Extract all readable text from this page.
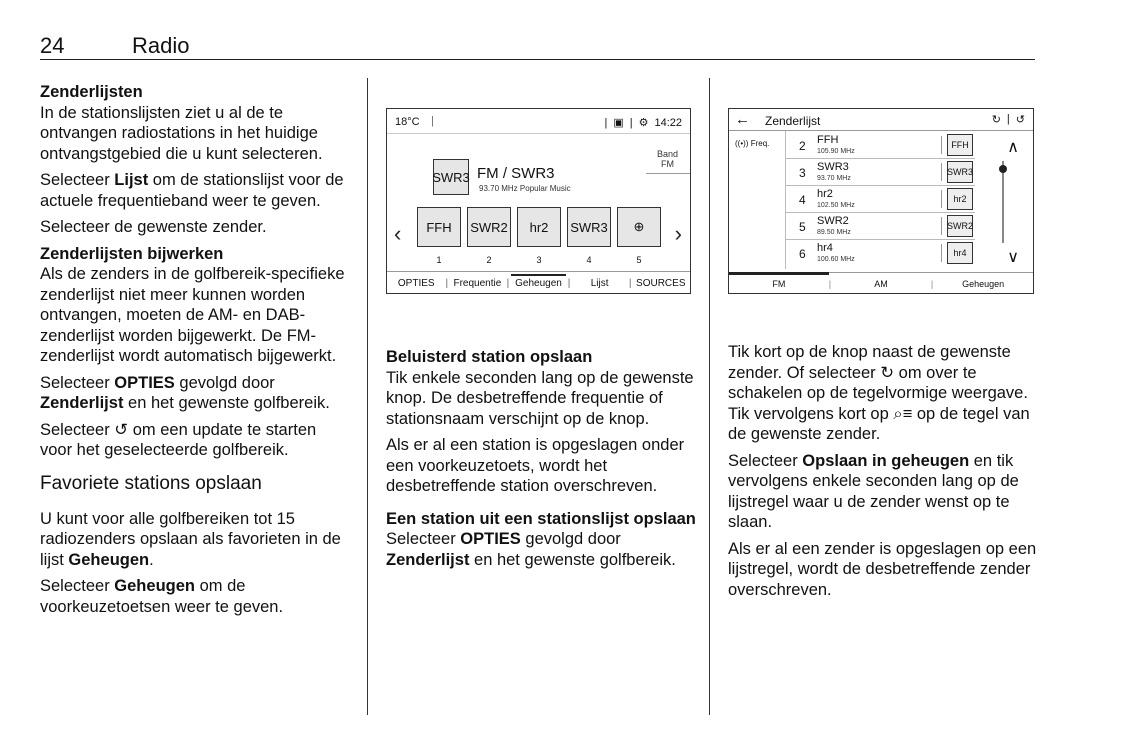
24	Radio
Zenderlijsten

In de stationslijsten ziet u al de te ontvangen radiostations in het huidige ontvangstgebied die u kunt selecteren.

Selecteer Lijst om de stationslijst voor de actuele frequentieband weer te geven.

Selecteer de gewenste zender.

Zenderlijsten bijwerken

Als de zenders in de golfbereik-specifieke zenderlijst niet meer kunnen worden ontvangen, moeten de AM- en DAB-zenderlijst worden bijgewerkt. De FM-zenderlijst wordt automatisch bijgewerkt.

Selecteer OPTIES gevolgd door Zenderlijst en het gewenste golfbereik.

Selecteer ↺ om een update te starten voor het geselecteerde golfbereik.

Favoriete stations opslaan

U kunt voor alle golfbereiken tot 15 radiozenders opslaan als favorieten in de lijst Geheugen.

Selecteer Geheugen om de voorkeuzetoetsen weer te geven.

18°C |	| ▣ | ⚙ 14:22
Band
FM
SWR3 FM / SWR3
93.70 MHz Popular Music
‹	›
FFH	SWR2	hr2	SWR3	⊕
1	2	3	4	5
OPTIES	| Frequentie | Geheugen |	Lijst	| SOURCES
Beluisterd station opslaan

Tik enkele seconden lang op de gewenste knop. De desbetreffende frequentie of stationsnaam verschijnt op de knop.

Als er al een station is opgeslagen onder een voorkeuzetoets, wordt het desbetreffende station overschreven.

Een station uit een stationslijst opslaan

Selecteer OPTIES gevolgd door Zenderlijst en het gewenste golfbereik.

← Zenderlijst	↻ | ↺
((•)) Freq. 2 FFH
105.90 MHz
FFH
3 SWR3
93.70 MHz
SWR3
4 hr2
102.50 MHz
hr2
5 SWR2
89.50 MHz
SWR2
6 hr4
100.60 MHz
hr4
∧
∨
FM	|	AM	|	Geheugen

Tik kort op de knop naast de gewenste zender. Of selecteer ↻ om over te schakelen op de tegelvormige weergave. Tik vervolgens kort op ⌕≡ op de tegel van de gewenste zender.

Selecteer Opslaan in geheugen en tik vervolgens enkele seconden lang op de lijstregel waar u de zender wenst op te slaan.

Als er al een zender is opgeslagen op een lijstregel, wordt de desbetreffende zender overschreven.
